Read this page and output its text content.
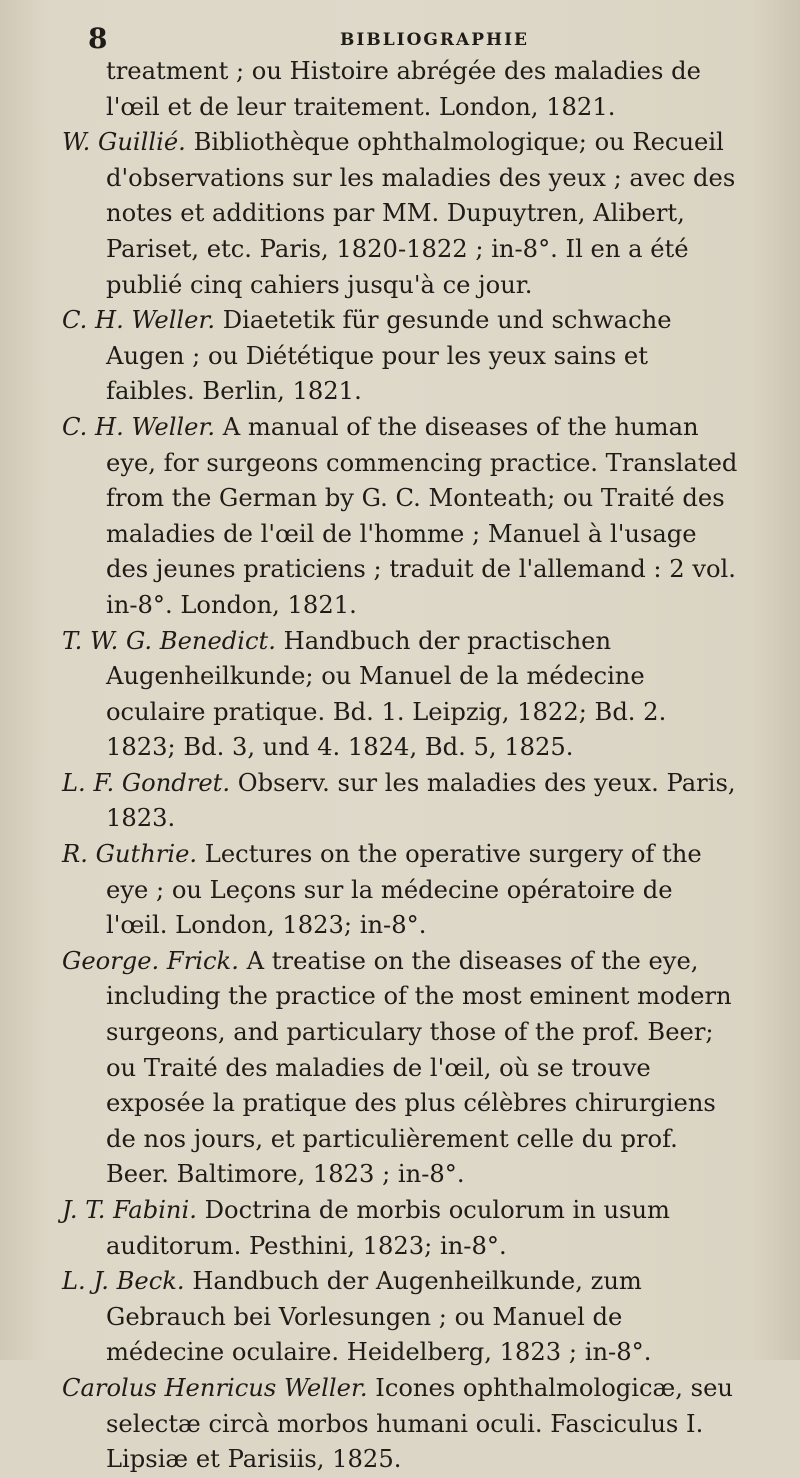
8	BIBLIOGRAPHIE

treatment ; ou Histoire abrégée des maladies de l'œil et de leur traitement. London, 1821.

W. Guillié. Bibliothèque ophthalmologique; ou Recueil d'observations sur les maladies des yeux ; avec des notes et additions par MM. Dupuytren, Alibert, Pariset, etc. Paris, 1820-1822 ; in-8°. Il en a été publié cinq cahiers jusqu'à ce jour.

C. H. Weller. Diaetetik für gesunde und schwache Augen ; ou Diététique pour les yeux sains et faibles. Berlin, 1821.

C. H. Weller. A manual of the diseases of the human eye, for surgeons commencing practice. Translated from the German by G. C. Monteath; ou Traité des maladies de l'œil de l'homme ; Manuel à l'usage des jeunes praticiens ; traduit de l'allemand : 2 vol. in-8°. London, 1821.

T. W. G. Benedict. Handbuch der practischen Augenheilkunde; ou Manuel de la médecine oculaire pratique. Bd. 1. Leipzig, 1822; Bd. 2. 1823; Bd. 3, und 4. 1824, Bd. 5, 1825.

L. F. Gondret. Observ. sur les maladies des yeux. Paris, 1823.

R. Guthrie. Lectures on the operative surgery of the eye ; ou Leçons sur la médecine opératoire de l'œil. London, 1823; in-8°.

George. Frick. A treatise on the diseases of the eye, including the practice of the most eminent modern surgeons, and particulary those of the prof. Beer; ou Traité des maladies de l'œil, où se trouve exposée la pratique des plus célèbres chirurgiens de nos jours, et particulièrement celle du prof. Beer. Baltimore, 1823 ; in-8°.

J. T. Fabini. Doctrina de morbis oculorum in usum auditorum. Pesthini, 1823; in-8°.

L. J. Beck. Handbuch der Augenheilkunde, zum Gebrauch bei Vorlesungen ; ou Manuel de médecine oculaire. Heidelberg, 1823 ; in-8°.

Carolus Henricus Weller. Icones ophthalmologicæ, seu selectæ circà morbos humani oculi. Fasciculus I. Lipsiæ et Parisiis, 1825.
